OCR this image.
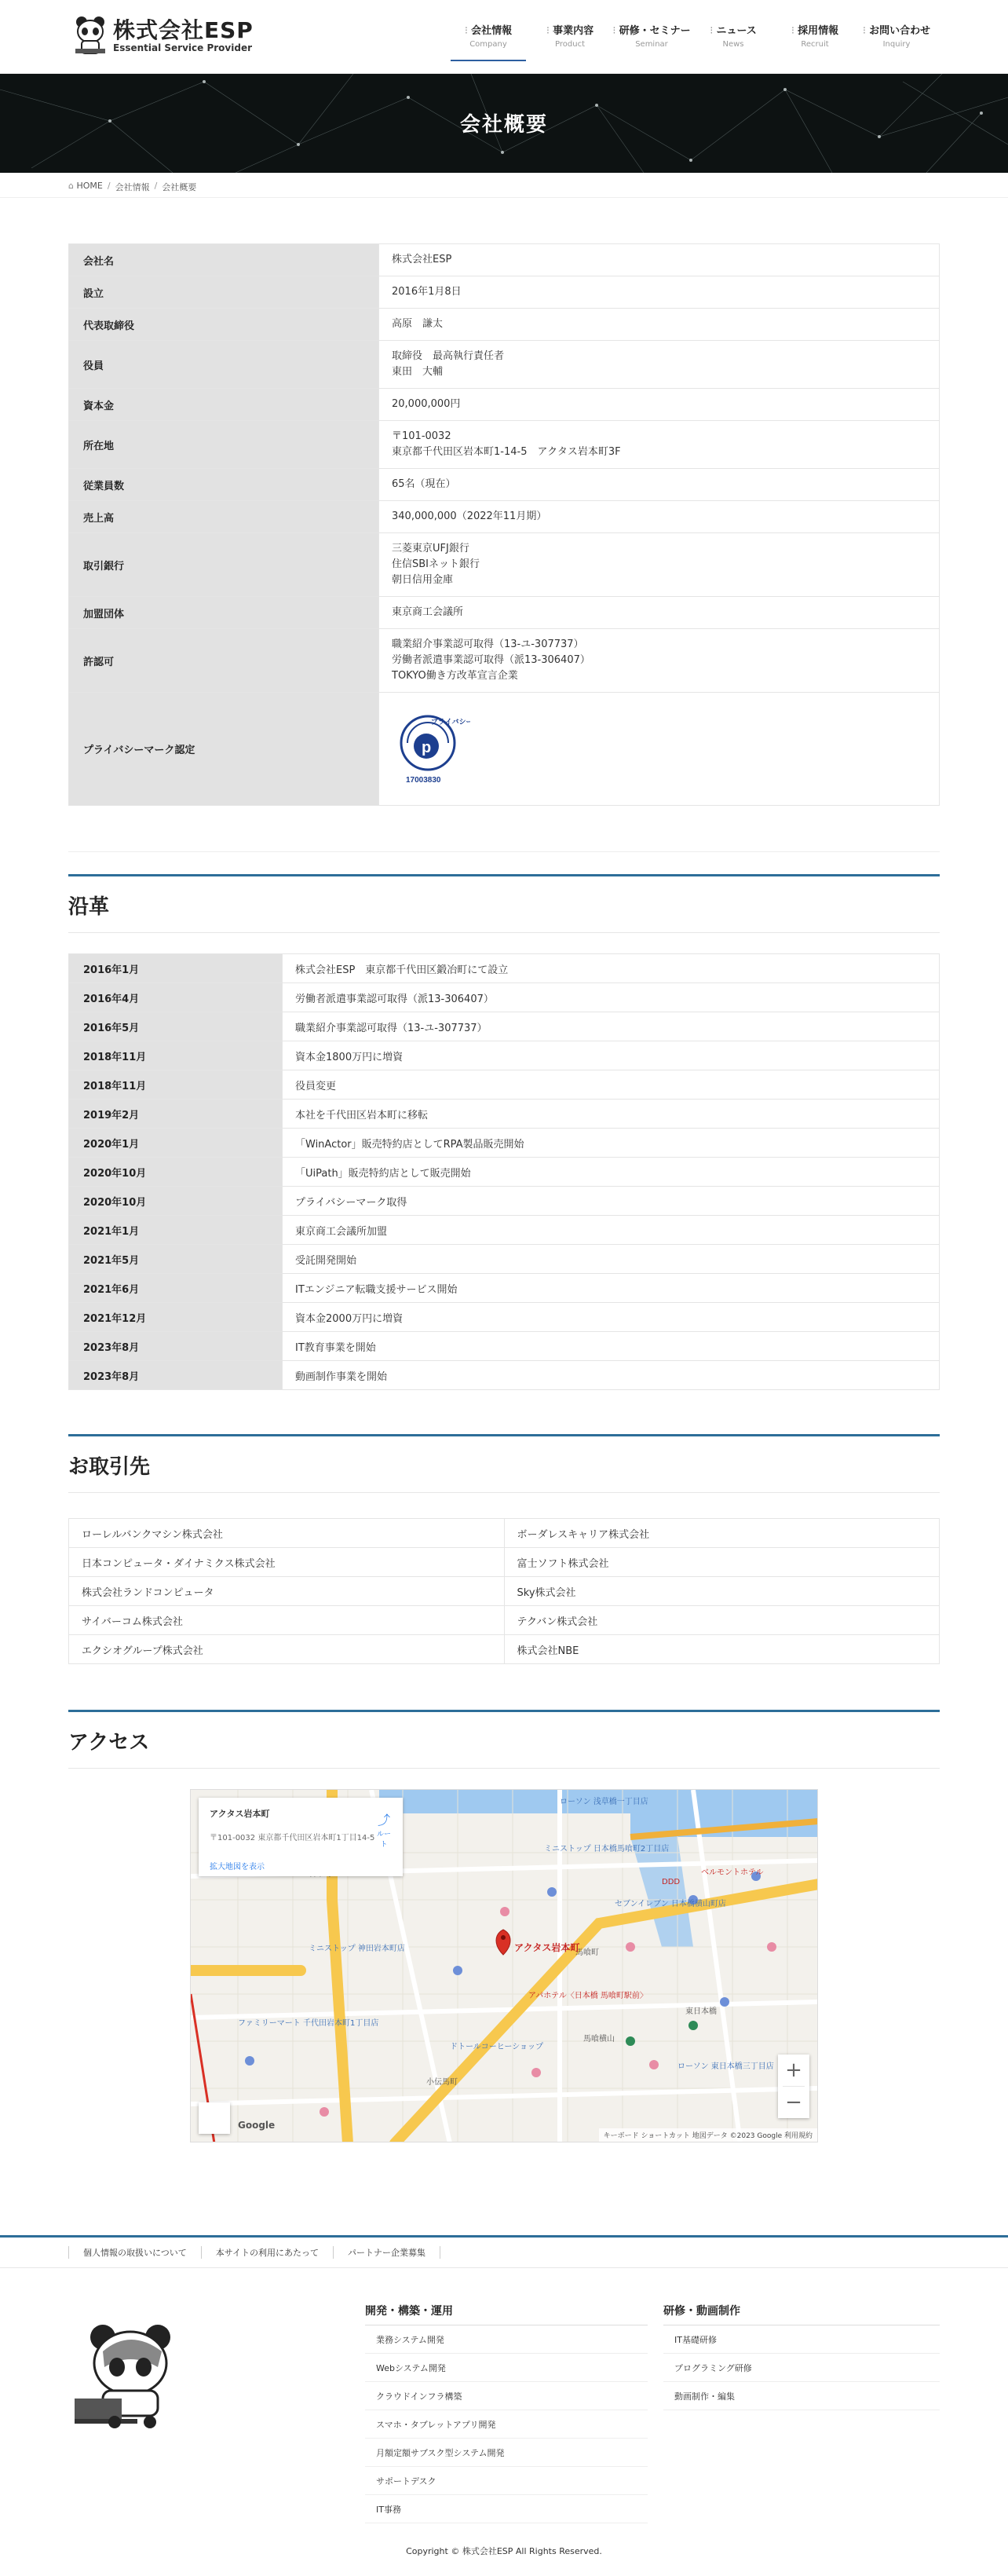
株式会社ESP
Essential Service Provider
⁝ 会社情報
Company
⁝ 事業内容
Product
⁝ 研修・セミナー
Seminar
⁝ ニュース
News
⁝ 採用情報
Recruit
⁝ お問い合わせ
Inquiry
会社概要
⌂ HOME / 会社情報 / 会社概要
会社名	株式会社ESP

設立	2016年1月8日

代表取締役	高原　謙太

役員	取締役　最高執行責任者
東田　大輔

資本金	20,000,000円

所在地	〒101-0032
東京都千代田区岩本町1-14-5　アクタス岩本町3F

従業員数	65名（現在）

売上高	340,000,000（2022年11月期）

取引銀行	三菱東京UFJ銀行
住信SBIネット銀行
朝日信用金庫

加盟団体	東京商工会議所

許認可	職業紹介事業認可取得（13-ユ-307737）
労働者派遣事業認可取得（派13-306407）
TOKYO働き方改革宣言企業

プライバシーマーク認定	p
プライバシー
17003830
沿革
2016年1月	株式会社ESP　東京都千代田区鍛冶町にて設立
2016年4月	労働者派遣事業認可取得（派13-306407）
2016年5月	職業紹介事業認可取得（13-ユ-307737）
2018年11月	資本金1800万円に増資
2018年11月	役員変更
2019年2月	本社を千代田区岩本町に移転
2020年1月	「WinActor」販売特約店としてRPA製品販売開始
2020年10月	「UiPath」販売特約店として販売開始
2020年10月	プライバシーマーク取得
2021年1月	東京商工会議所加盟
2021年5月	受託開発開始
2021年6月	ITエンジニア転職支援サービス開始
2021年12月	資本金2000万円に増資
2023年8月	IT教育事業を開始
2023年8月	動画制作事業を開始
お取引先
ローレルバンクマシン株式会社	ボーダレスキャリア株式会社
日本コンピュータ・ダイナミクス株式会社	富士ソフト株式会社
株式会社ランドコンピュータ	Sky株式会社
サイバーコム株式会社	テクバン株式会社
エクシオグループ株式会社	株式会社NBE
アクセス
ローソン 浅草橋一丁目店
ミニストップ 日本橋馬喰町2丁目店
ベルモントホテル
セブンイレブン 日本橋横山町店
アパホテル〈日本橋 馬喰町駅前〉
馬喰町
馬喰横山
東日本橋
ファミリーマート 千代田岩本町1丁目店
小伝馬町
ミニストップ 神田岩本町店
ドトールコーヒーショップ
ローソン 東日本橋三丁目店
DDD
アクタス岩本町
アクタス岩本町
〒101-0032 東京都千代田区岩本町1丁目14-5
拡大地図を表示
⤴
ルート
+
−
Google
キーボード ショートカット 地図データ ©2023 Google 利用規約
個人情報の取扱いについて	本サイトの利用にあたって	パートナー企業募集
開発・構築・運用
業務システム開発
Webシステム開発
クラウドインフラ構築
スマホ・タブレットアプリ開発
月額定額サブスク型システム開発
サポートデスク
IT事務
研修・動画制作
IT基礎研修
プログラミング研修
動画制作・編集
Copyright © 株式会社ESP All Rights Reserved.
